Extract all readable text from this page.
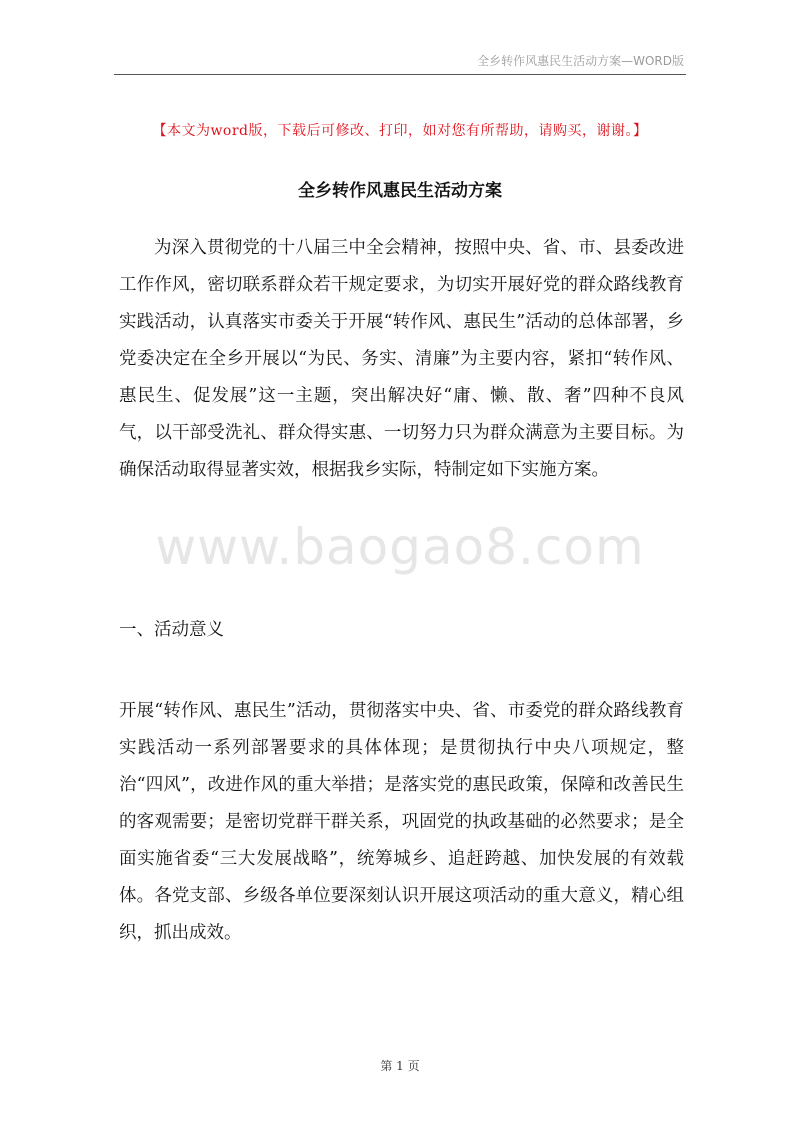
全乡转作风惠民生活动方案—WORD版
【本文为word版，下载后可修改、打印，如对您有所帮助，请购买，谢谢。】
全乡转作风惠民生活动方案

为深入贯彻党的十八届三中全会精神，按照中央、省、市、县委改进工作作风，密切联系群众若干规定要求，为切实开展好党的群众路线教育实践活动，认真落实市委关于开展“转作风、惠民生”活动的总体部署，乡党委决定在全乡开展以“为民、务实、清廉”为主要内容，紧扣“转作风、惠民生、促发展”这一主题，突出解决好“庸、懒、散、奢”四种不良风气，以干部受洗礼、群众得实惠、一切努力只为群众满意为主要目标。为确保活动取得显著实效，根据我乡实际，特制定如下实施方案。

www.baogao8.com
一、活动意义

开展“转作风、惠民生”活动，贯彻落实中央、省、市委党的群众路线教育实践活动一系列部署要求的具体体现；是贯彻执行中央八项规定，整治“四风”，改进作风的重大举措；是落实党的惠民政策，保障和改善民生的客观需要；是密切党群干群关系，巩固党的执政基础的必然要求；是全面实施省委“三大发展战略”，统筹城乡、追赶跨越、加快发展的有效载体。各党支部、乡级各单位要深刻认识开展这项活动的重大意义，精心组织，抓出成效。

第 1 页
